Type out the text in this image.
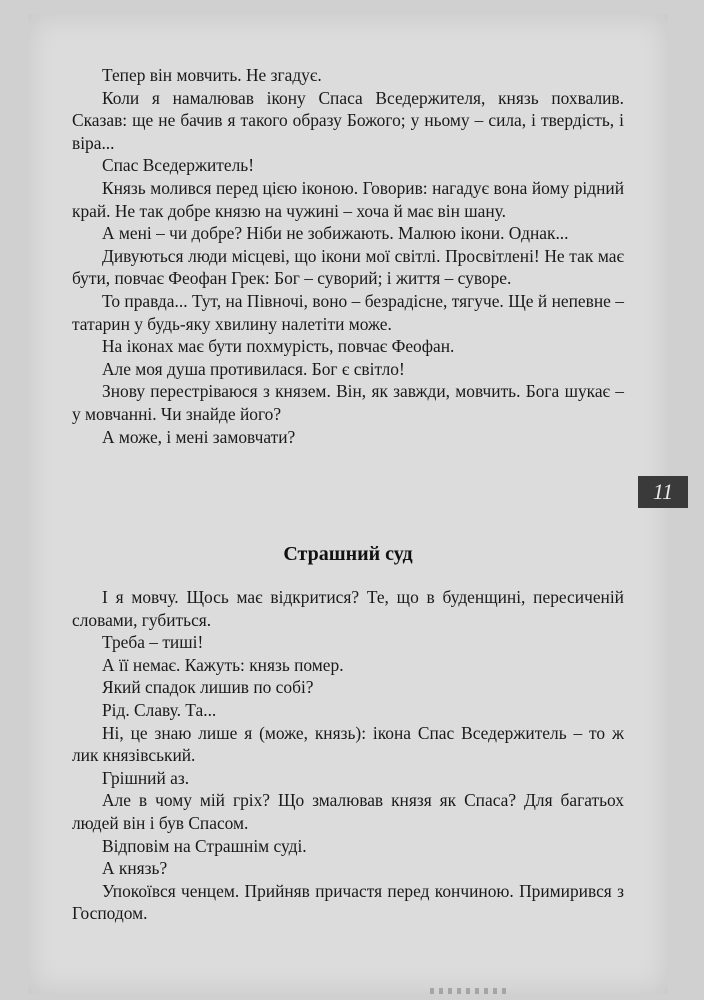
Тепер він мовчить. Не згадує.

Коли я намалював ікону Спаса Вседержителя, князь похвалив. Сказав: ще не бачив я такого образу Божого; у ньому – сила, і твердість, і віра...

Спас Вседержитель!

Князь молився перед цією іконою. Говорив: нагадує вона йому рідний край. Не так добре князю на чужині – хоча й має він шану.

А мені – чи добре? Ніби не зобижають. Малюю ікони. Однак...

Дивуються люди місцеві, що ікони мої світлі. Просвітлені! Не так має бути, повчає Феофан Грек: Бог – суворий; і життя – суворе.

То правда... Тут, на Півночі, воно – безрадісне, тягуче. Ще й непевне – татарин у будь-яку хвилину налетіти може.

На іконах має бути похмурість, повчає Феофан.

Але моя душа противилася. Бог є світло!

Знову перестріваюся з князем. Він, як завжди, мовчить. Бога шукає – у мовчанні. Чи знайде його?

А може, і мені замовчати?

11
Страшний суд

І я мовчу. Щось має відкритися? Те, що в буденщині, пересиченій словами, губиться.

Треба – тиші!

А її немає. Кажуть: князь помер.

Який спадок лишив по собі?

Рід. Славу. Та...

Ні, це знаю лише я (може, князь): ікона Спас Вседержитель – то ж лик князівський.

Грішний аз.

Але в чому мій гріх? Що змалював князя як Спаса? Для багатьох людей він і був Спасом.

Відповім на Страшнім суді.

А князь?

Упокоївся ченцем. Прийняв причастя перед кончиною. Примирився з Господом.
